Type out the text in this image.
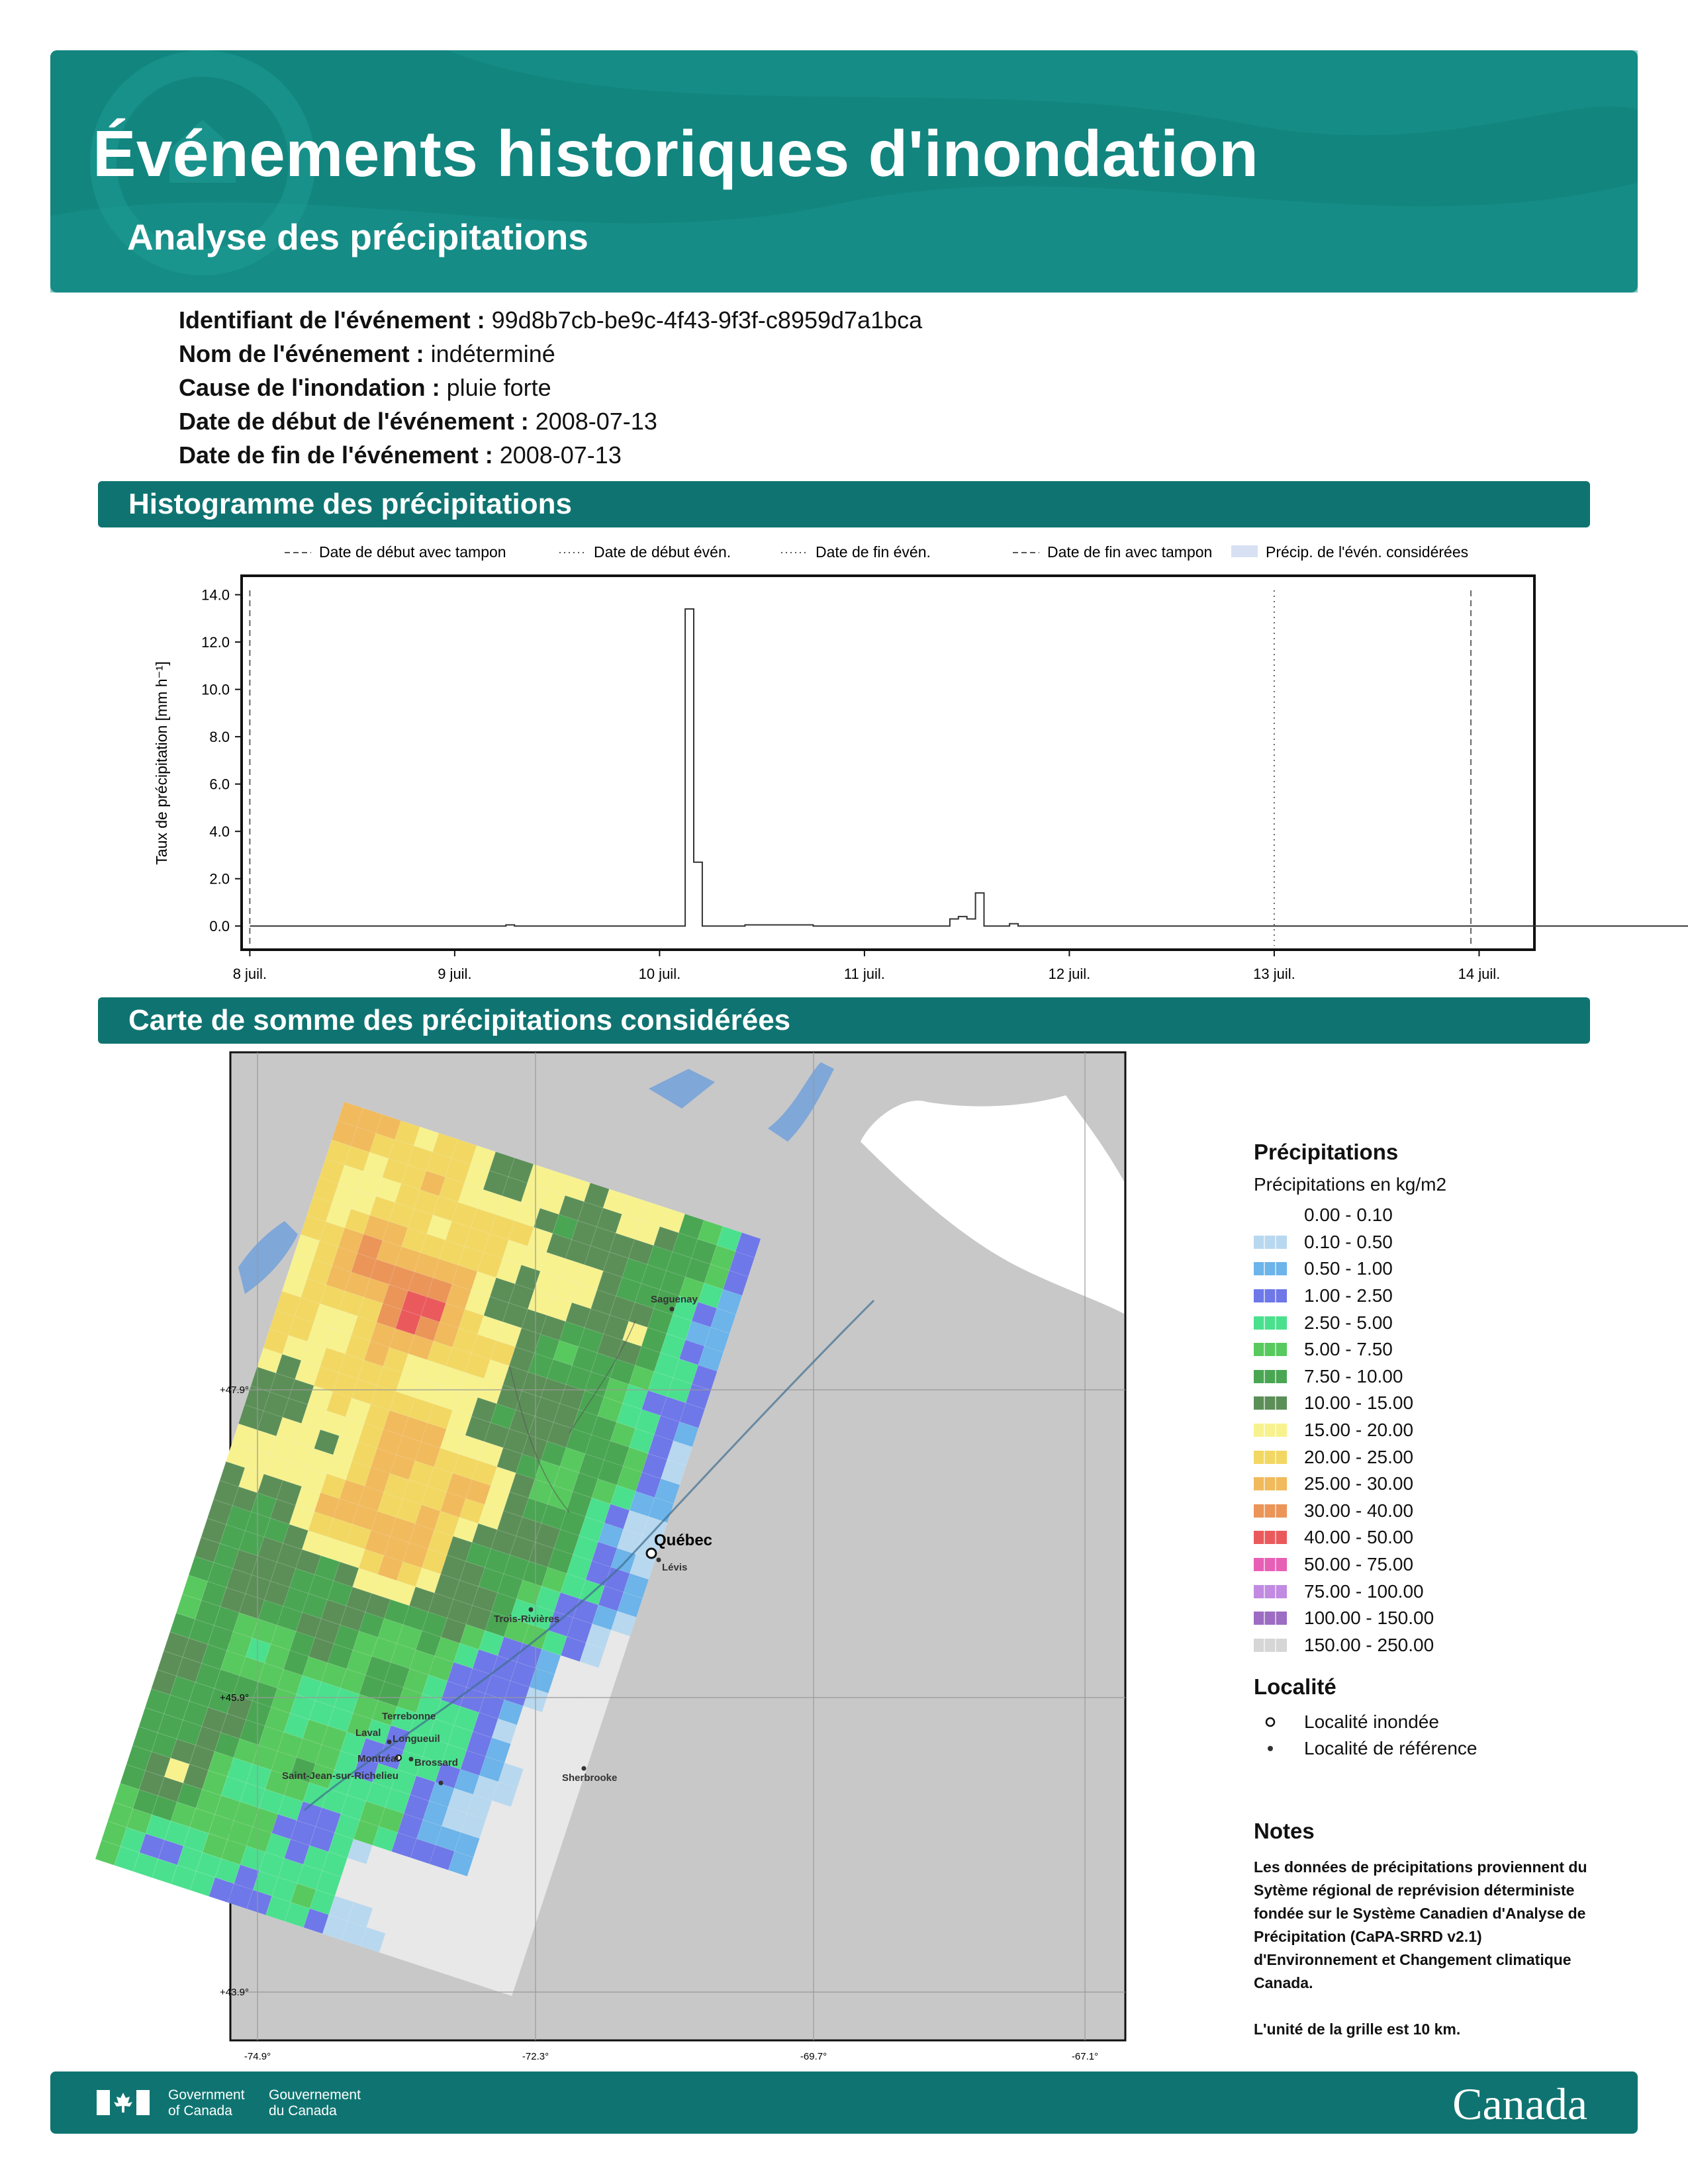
Événements historiques d'inondation
Analyse des précipitations
Identifiant de l'événement : 99d8b7cb-be9c-4f43-9f3f-c8959d7a1bca
Nom de l'événement : indéterminé
Cause de l'inondation : pluie forte
Date de début de l'événement : 2008-07-13
Date de fin de l'événement : 2008-07-13
Histogramme des précipitations
Date de début avec tampon	Date de début évén.	Date de fin évén.	Date de fin avec tampon	Précip. de l'évén. considérées
0.0
2.0
4.0
6.0
8.0
10.0
12.0
14.0
8 juil.	9 juil.	10 juil.	11 juil.	12 juil.	13 juil.	14 juil.
Taux de précipitation [mm h⁻¹]
Carte de somme des précipitations considérées
Québec
Lévis
Saguenay
Trois-Rivières
Terrebonne
Laval
Longueuil
Montréal Brossard
Saint-Jean-sur-Richelieu	Sherbrooke
+47.9°
+45.9°
+43.9°
-74.9°	-72.3°	-69.7°	-67.1°
Précipitations
Précipitations en kg/m2
0.00 - 0.10
0.10 - 0.50
0.50 - 1.00
1.00 - 2.50
2.50 - 5.00
5.00 - 7.50
7.50 - 10.00
10.00 - 15.00
15.00 - 20.00
20.00 - 25.00
25.00 - 30.00
30.00 - 40.00
40.00 - 50.00
50.00 - 75.00
75.00 - 100.00
100.00 - 150.00
150.00 - 250.00
Localité
Localité inondée
Localité de référence
Notes

Les données de précipitations proviennent du Sytème régional de reprévision déterministe fondée sur le Système Canadien d'Analyse de Précipitation (CaPA-SRRD v2.1) d'Environnement et Changement climatique Canada.

L'unité de la grille est 10 km.

Government
of Canada
Gouvernement
du Canada	Canada
